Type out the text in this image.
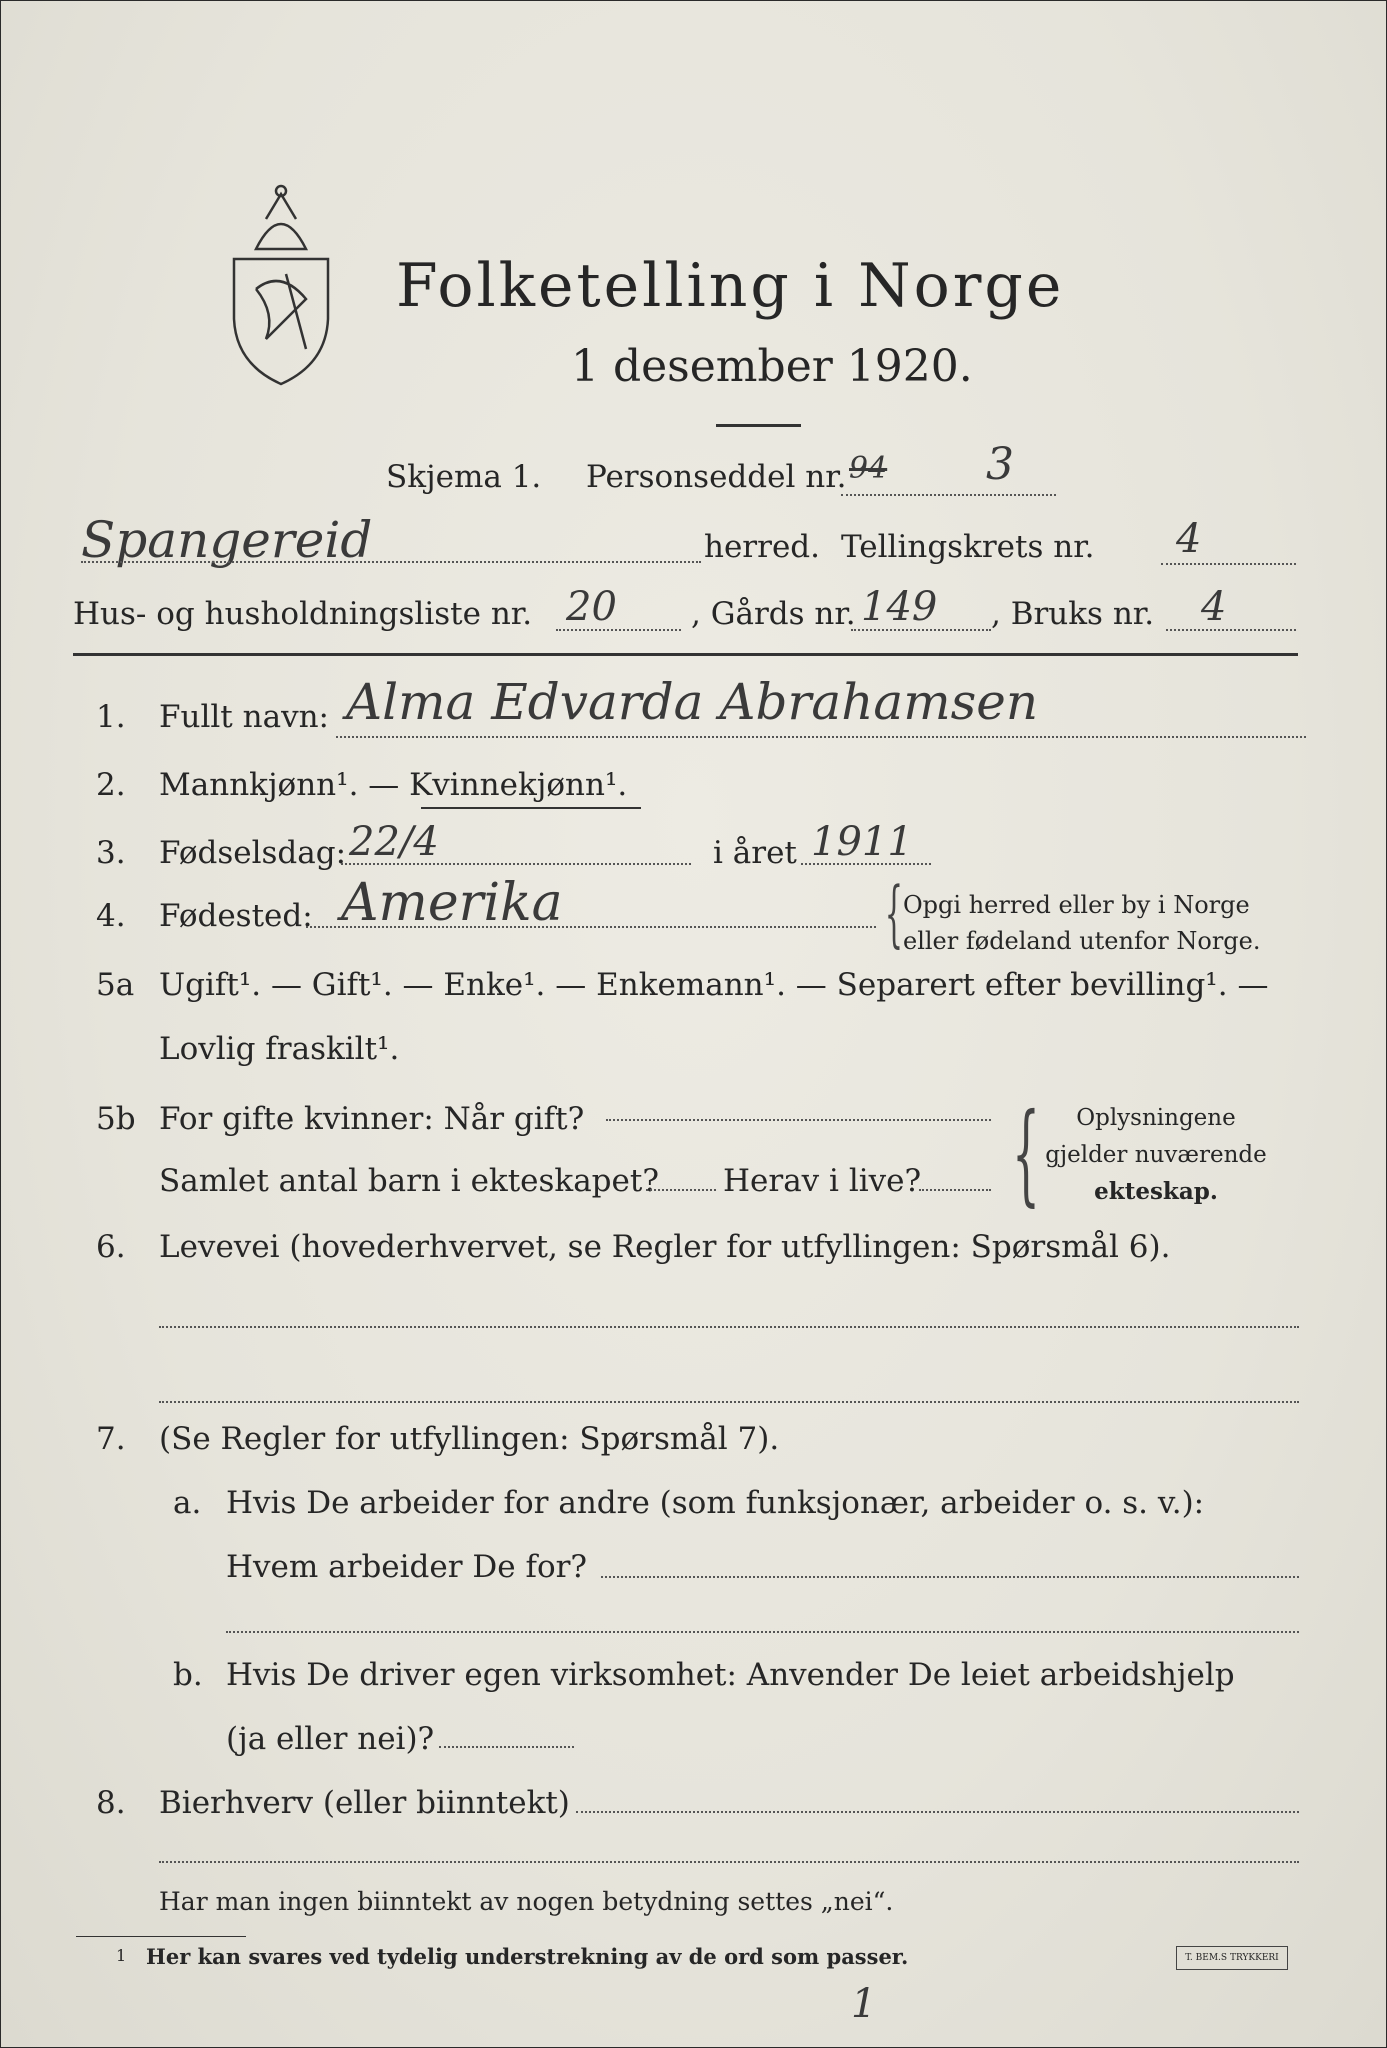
Folketelling i Norge
1 desember 1920.
Skjema 1. Personseddel nr. 94 3
Spangereid	herred. Tellingskrets nr. 4
Hus- og husholdningsliste nr. 20 , Gårds nr. 149 , Bruks nr. 4
1. Fullt navn: Alma Edvarda Abrahamsen
2. Mannkjønn¹. — Kvinnekjønn¹.
3. Fødselsdag: 22/4	i året 1911
4. Fødested: Amerika	{ Opgi herred eller by i Norge
eller fødeland utenfor Norge.
5a Ugift¹. — Gift¹. — Enke¹. — Enkemann¹. — Separert efter bevilling¹. —
Lovlig fraskilt¹.
5b For gifte kvinner: Når gift?
Samlet antal barn i ekteskapet? Herav i live? {	Oplysningene
gjelder nuværende
ekteskap.
6. Levevei (hovederhvervet, se Regler for utfyllingen: Spørsmål 6).
7. (Se Regler for utfyllingen: Spørsmål 7).
a. Hvis De arbeider for andre (som funksjonær, arbeider o. s. v.):
Hvem arbeider De for?
b. Hvis De driver egen virksomhet: Anvender De leiet arbeidshjelp
(ja eller nei)?
8. Bierhverv (eller biinntekt)
Har man ingen biinntekt av nogen betydning settes „nei“.
1 Her kan svares ved tydelig understrekning av de ord som passer.	T. BEM.S TRYKKERI
1
